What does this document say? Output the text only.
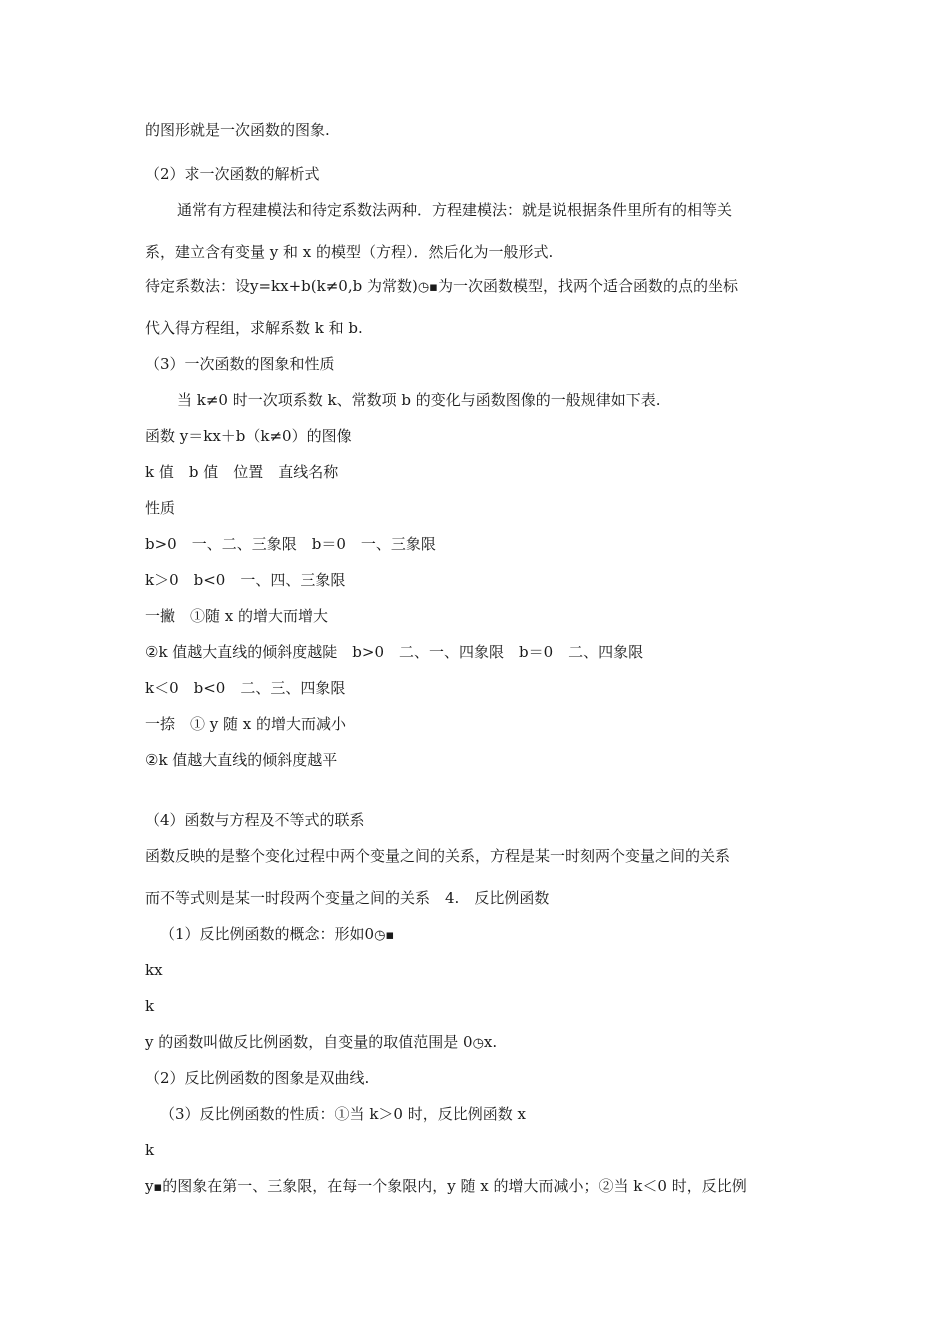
的图形就是一次函数的图象.
（2）求一次函数的解析式
通常有方程建模法和待定系数法两种．方程建模法：就是说根据条件里所有的相等关
系，建立含有变量 y 和 x 的模型（方程）．然后化为一般形式.
待定系数法：设y=kx+b(k≠0,b 为常数)◷▪为一次函数模型，找两个适合函数的点的坐标
代入得方程组，求解系数 k 和 b.
（3）一次函数的图象和性质
当 k≠0 时一次项系数 k、常数项 b 的变化与函数图像的一般规律如下表.
函数 y＝kx＋b（k≠0）的图像
k 值　b 值　位置　直线名称
性质
b>0　一、二、三象限　b＝0　一、三象限
k＞0　b<0　一、四、三象限
一撇　①随 x 的增大而增大
②k 值越大直线的倾斜度越陡　b>0　二、一、四象限　b＝0　二、四象限
k＜0　b<0　二、三、四象限
一捺　① y 随 x 的增大而减小
②k 值越大直线的倾斜度越平
（4）函数与方程及不等式的联系
函数反映的是整个变化过程中两个变量之间的关系，方程是某一时刻两个变量之间的关系
而不等式则是某一时段两个变量之间的关系　4.　反比例函数
（1）反比例函数的概念：形如0◷▪
kx
k
y 的函数叫做反比例函数，自变量的取值范围是 0◷x.
（2）反比例函数的图象是双曲线.
（3）反比例函数的性质：①当 k＞0 时，反比例函数 x
k
y▪的图象在第一、三象限，在每一个象限内，y 随 x 的增大而减小；②当 k＜0 时，反比例
